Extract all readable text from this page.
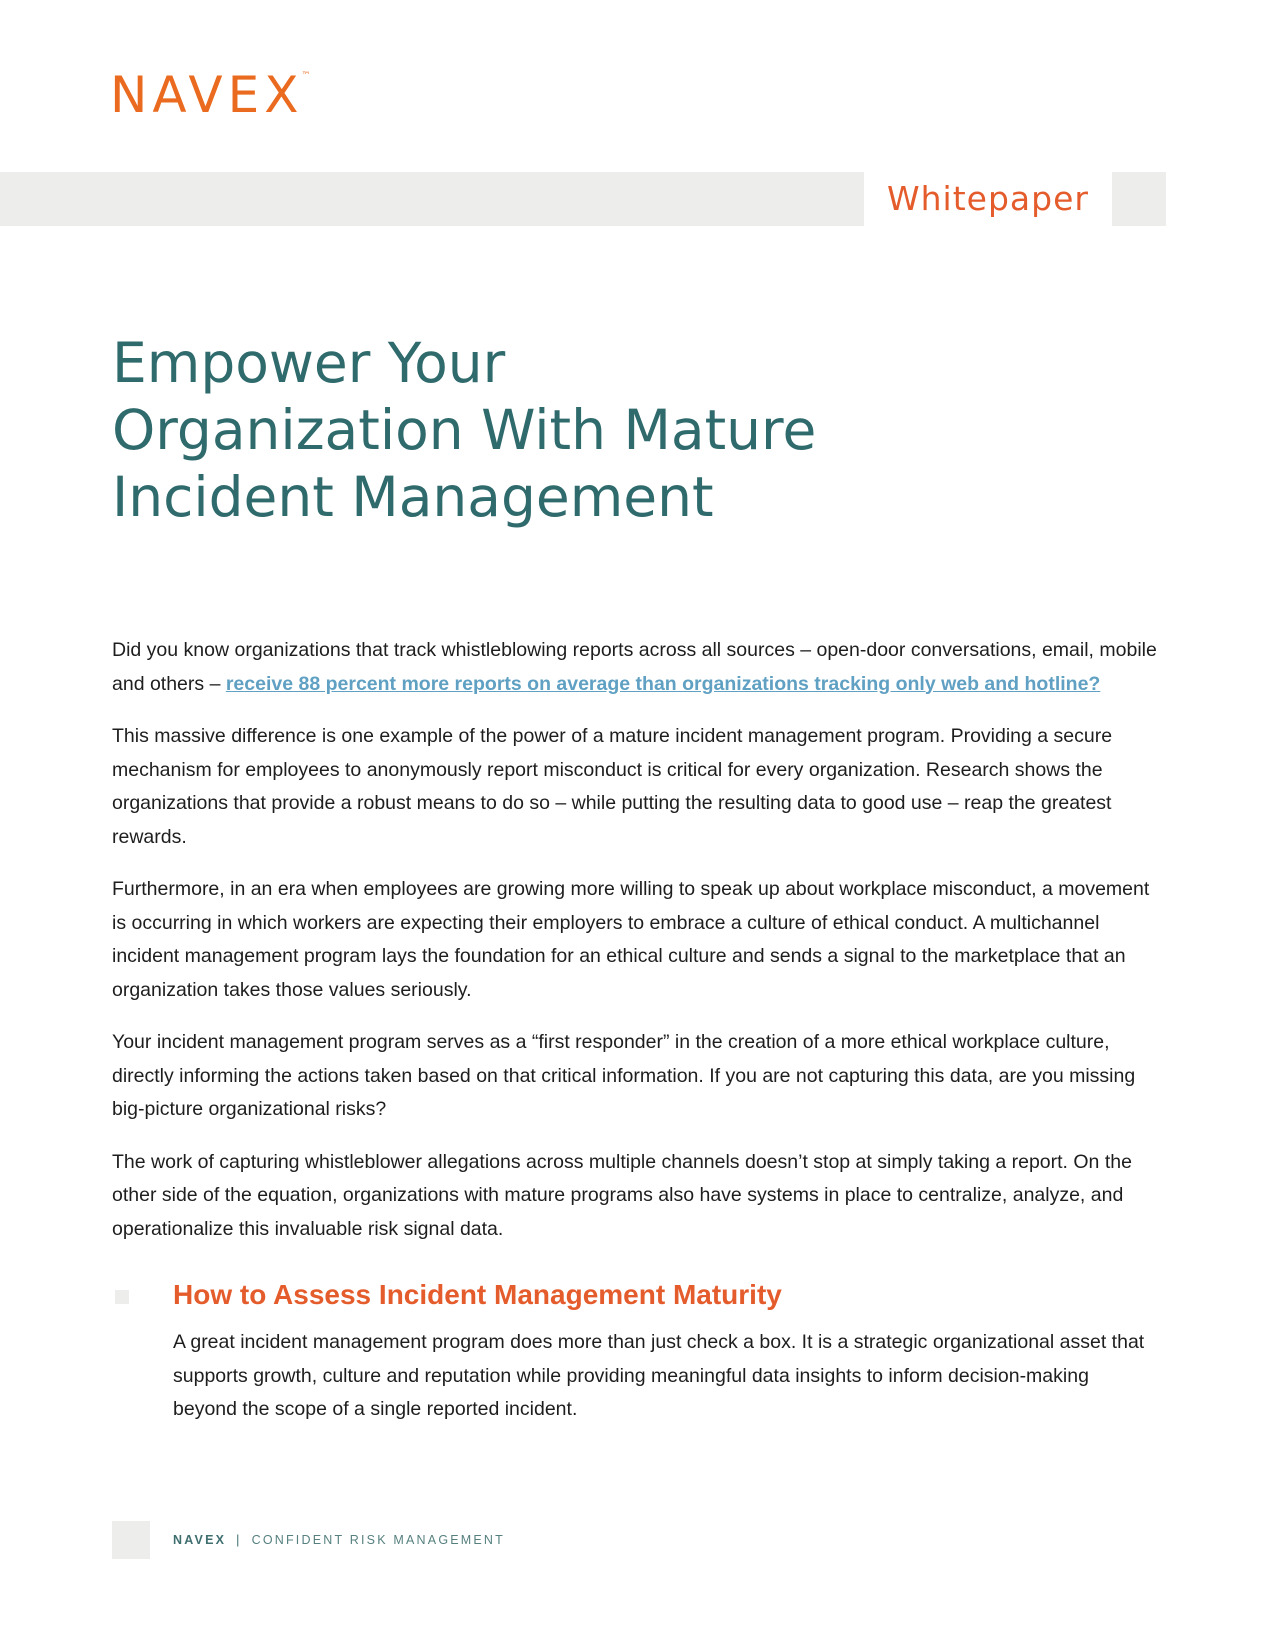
NAVEX™
Whitepaper
Empower Your
Organization With Mature
Incident Management

Did you know organizations that track whistleblowing reports across all sources – open-door conversations, email, mobile and others – receive 88 percent more reports on average than organizations tracking only web and hotline?

This massive difference is one example of the power of a mature incident management program. Providing a secure mechanism for employees to anonymously report misconduct is critical for every organization. Research shows the organizations that provide a robust means to do so – while putting the resulting data to good use – reap the greatest rewards.

Furthermore, in an era when employees are growing more willing to speak up about workplace misconduct, a movement is occurring in which workers are expecting their employers to embrace a culture of ethical conduct. A multichannel incident management program lays the foundation for an ethical culture and sends a signal to the marketplace that an organization takes those values seriously.

Your incident management program serves as a “first responder” in the creation of a more ethical workplace culture, directly informing the actions taken based on that critical information. If you are not capturing this data, are you missing big-picture organizational risks?

The work of capturing whistleblower allegations across multiple channels doesn’t stop at simply taking a report. On the other side of the equation, organizations with mature programs also have systems in place to centralize, analyze, and operationalize this invaluable risk signal data.

How to Assess Incident Management Maturity

A great incident management program does more than just check a box. It is a strategic organizational asset that supports growth, culture and reputation while providing meaningful data insights to inform decision-making beyond the scope of a single reported incident.

NAVEX | CONFIDENT RISK MANAGEMENT
